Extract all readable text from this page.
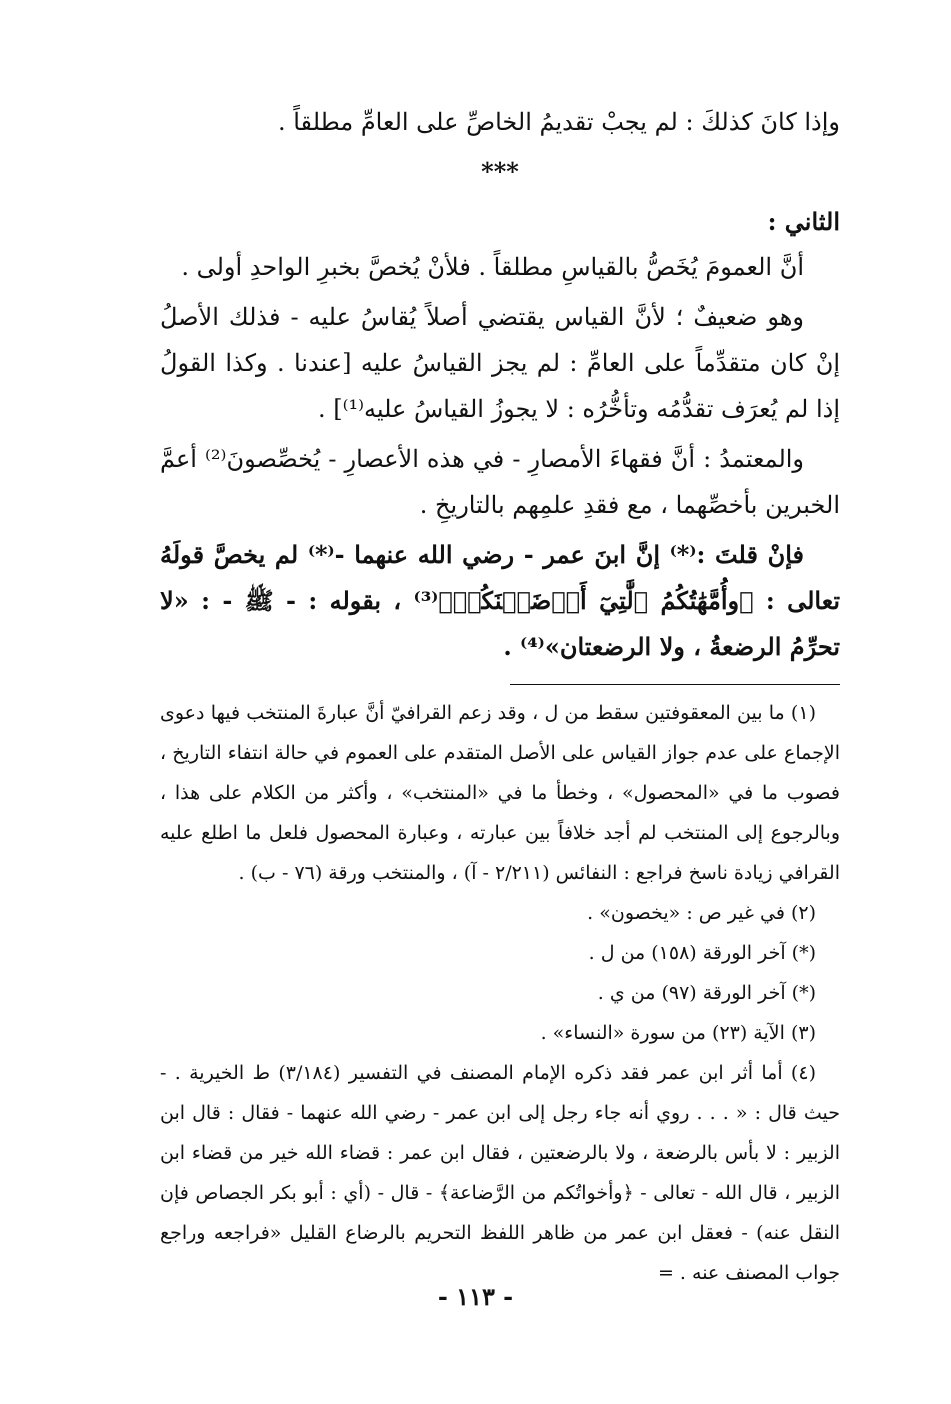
وإذا كانَ كذلكَ : لم يجبْ تقديمُ الخاصِّ على العامِّ مطلقاً .

***

الثاني :

أنَّ العمومَ يُخَصُّ بالقياسِ مطلقاً . فلأنْ يُخصَّ بخبرِ الواحدِ أولى .

وهو ضعيفٌ ؛ لأنَّ القياس يقتضي أصلاً يُقاسُ عليه - فذلك الأصلُ إنْ كان متقدِّماً على العامِّ : لم يجز القياسُ عليه [عندنا . وكذا القولُ إذا لم يُعرَف تقدُّمُه وتأخُّرُه : لا يجوزُ القياسُ عليه⁽¹⁾] .

والمعتمدُ : أنَّ فقهاءَ الأمصارِ - في هذه الأعصارِ - يُخصِّصونَ⁽²⁾ أعمَّ الخبرين بأخصِّهما ، مع فقدِ علمِهم بالتاريخِ .

فإنْ قلتَ :⁽*⁾ إنَّ ابنَ عمر - رضي الله عنهما -⁽*⁾ لم يخصَّ قولَهُ تعالى : ﴿وأُمَّهَٰتُكُمُ ٱلَّٰتِيٓ أَرۡضَعۡنَكُمۡ﴾⁽³⁾ ، بقوله : - ﷺ - : «لا تحرِّمُ الرضعةُ ، ولا الرضعتان»⁽⁴⁾ .

(١) ما بين المعقوفتين سقط من ل ، وقد زعم القرافيّ أنَّ عبارةَ المنتخب فيها دعوى الإجماع على عدم جواز القياس على الأصل المتقدم على العموم في حالة انتفاء التاريخ ، فصوب ما في «المحصول» ، وخطأ ما في «المنتخب» ، وأكثر من الكلام على هذا ، وبالرجوع إلى المنتخب لم أجد خلافاً بين عبارته ، وعبارة المحصول فلعل ما اطلع عليه القرافي زيادة ناسخ فراجع : النفائس (٢/٢١١ - آ) ، والمنتخب ورقة (٧٦ - ب) .

(٢) في غير ص : «يخصون» .

(*) آخر الورقة (١٥٨) من ل .

(*) آخر الورقة (٩٧) من ي .

(٣) الآية (٢٣) من سورة «النساء» .

(٤) أما أثر ابن عمر فقد ذكره الإمام المصنف في التفسير (٣/١٨٤) ط الخيرية . - حيث قال : « . . . روي أنه جاء رجل إلى ابن عمر - رضي الله عنهما - فقال : قال ابن الزبير : لا بأس بالرضعة ، ولا بالرضعتين ، فقال ابن عمر : قضاء الله خير من قضاء ابن الزبير ، قال الله - تعالى - ﴿وأخواتُكم من الرَّضاعة﴾ - قال - (أي : أبو بكر الجصاص فإن النقل عنه) - فعقل ابن عمر من ظاهر اللفظ التحريم بالرضاع القليل «فراجعه وراجع جواب المصنف عنه . =

- ١١٣ -
